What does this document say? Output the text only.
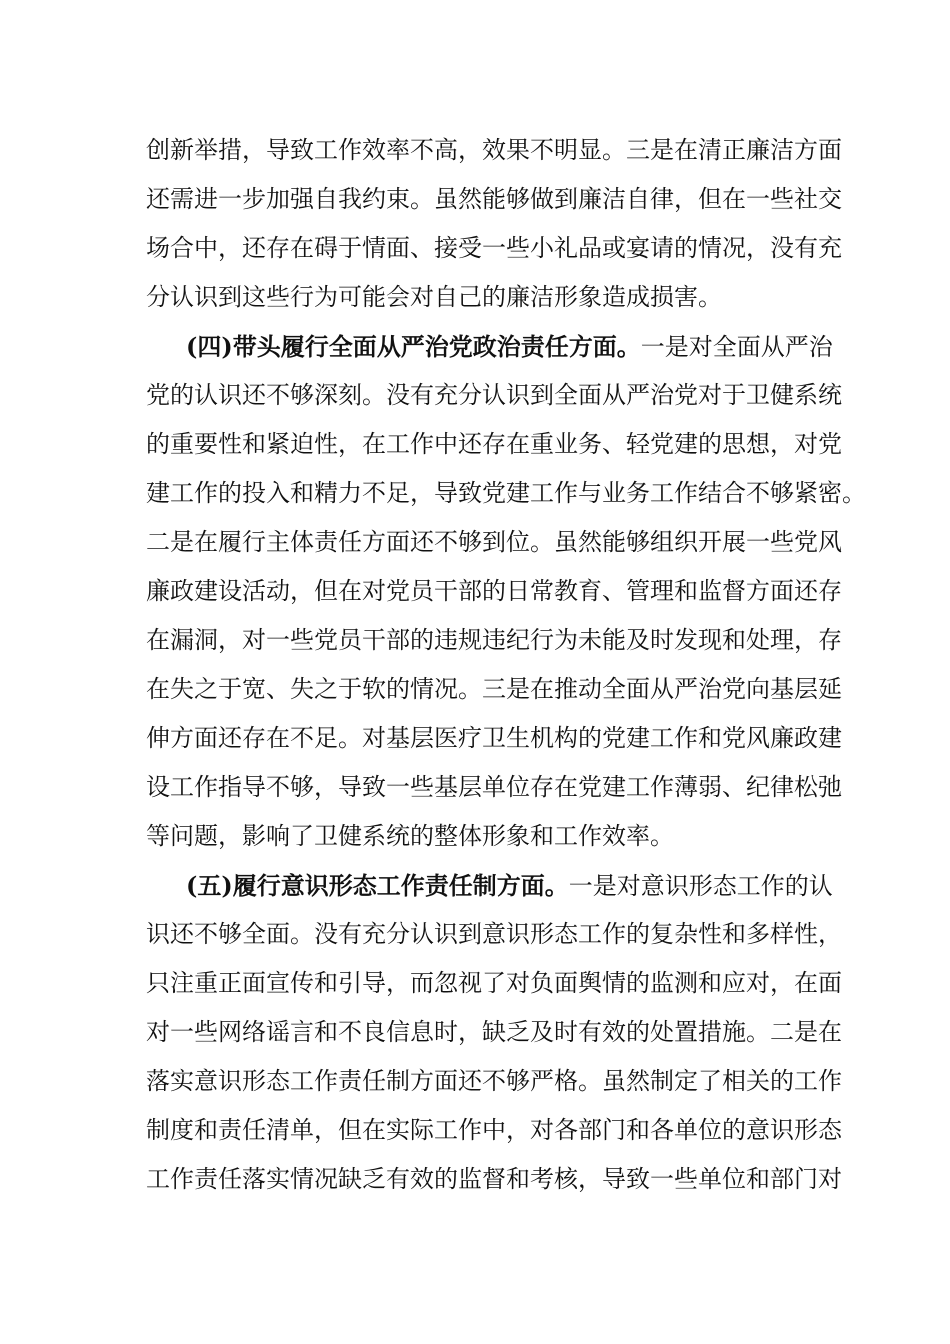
创新举措，导致工作效率不高，效果不明显。三是在清正廉洁方面
还需进一步加强自我约束。虽然能够做到廉洁自律，但在一些社交
场合中，还存在碍于情面、接受一些小礼品或宴请的情况，没有充
分认识到这些行为可能会对自己的廉洁形象造成损害。
(四)带头履行全面从严治党政治责任方面。一是对全面从严治
党的认识还不够深刻。没有充分认识到全面从严治党对于卫健系统
的重要性和紧迫性，在工作中还存在重业务、轻党建的思想，对党
建工作的投入和精力不足，导致党建工作与业务工作结合不够紧密。
二是在履行主体责任方面还不够到位。虽然能够组织开展一些党风
廉政建设活动，但在对党员干部的日常教育、管理和监督方面还存
在漏洞，对一些党员干部的违规违纪行为未能及时发现和处理，存
在失之于宽、失之于软的情况。三是在推动全面从严治党向基层延
伸方面还存在不足。对基层医疗卫生机构的党建工作和党风廉政建
设工作指导不够，导致一些基层单位存在党建工作薄弱、纪律松弛
等问题，影响了卫健系统的整体形象和工作效率。
(五)履行意识形态工作责任制方面。一是对意识形态工作的认
识还不够全面。没有充分认识到意识形态工作的复杂性和多样性，
只注重正面宣传和引导，而忽视了对负面舆情的监测和应对，在面
对一些网络谣言和不良信息时，缺乏及时有效的处置措施。二是在
落实意识形态工作责任制方面还不够严格。虽然制定了相关的工作
制度和责任清单，但在实际工作中，对各部门和各单位的意识形态
工作责任落实情况缺乏有效的监督和考核，导致一些单位和部门对
